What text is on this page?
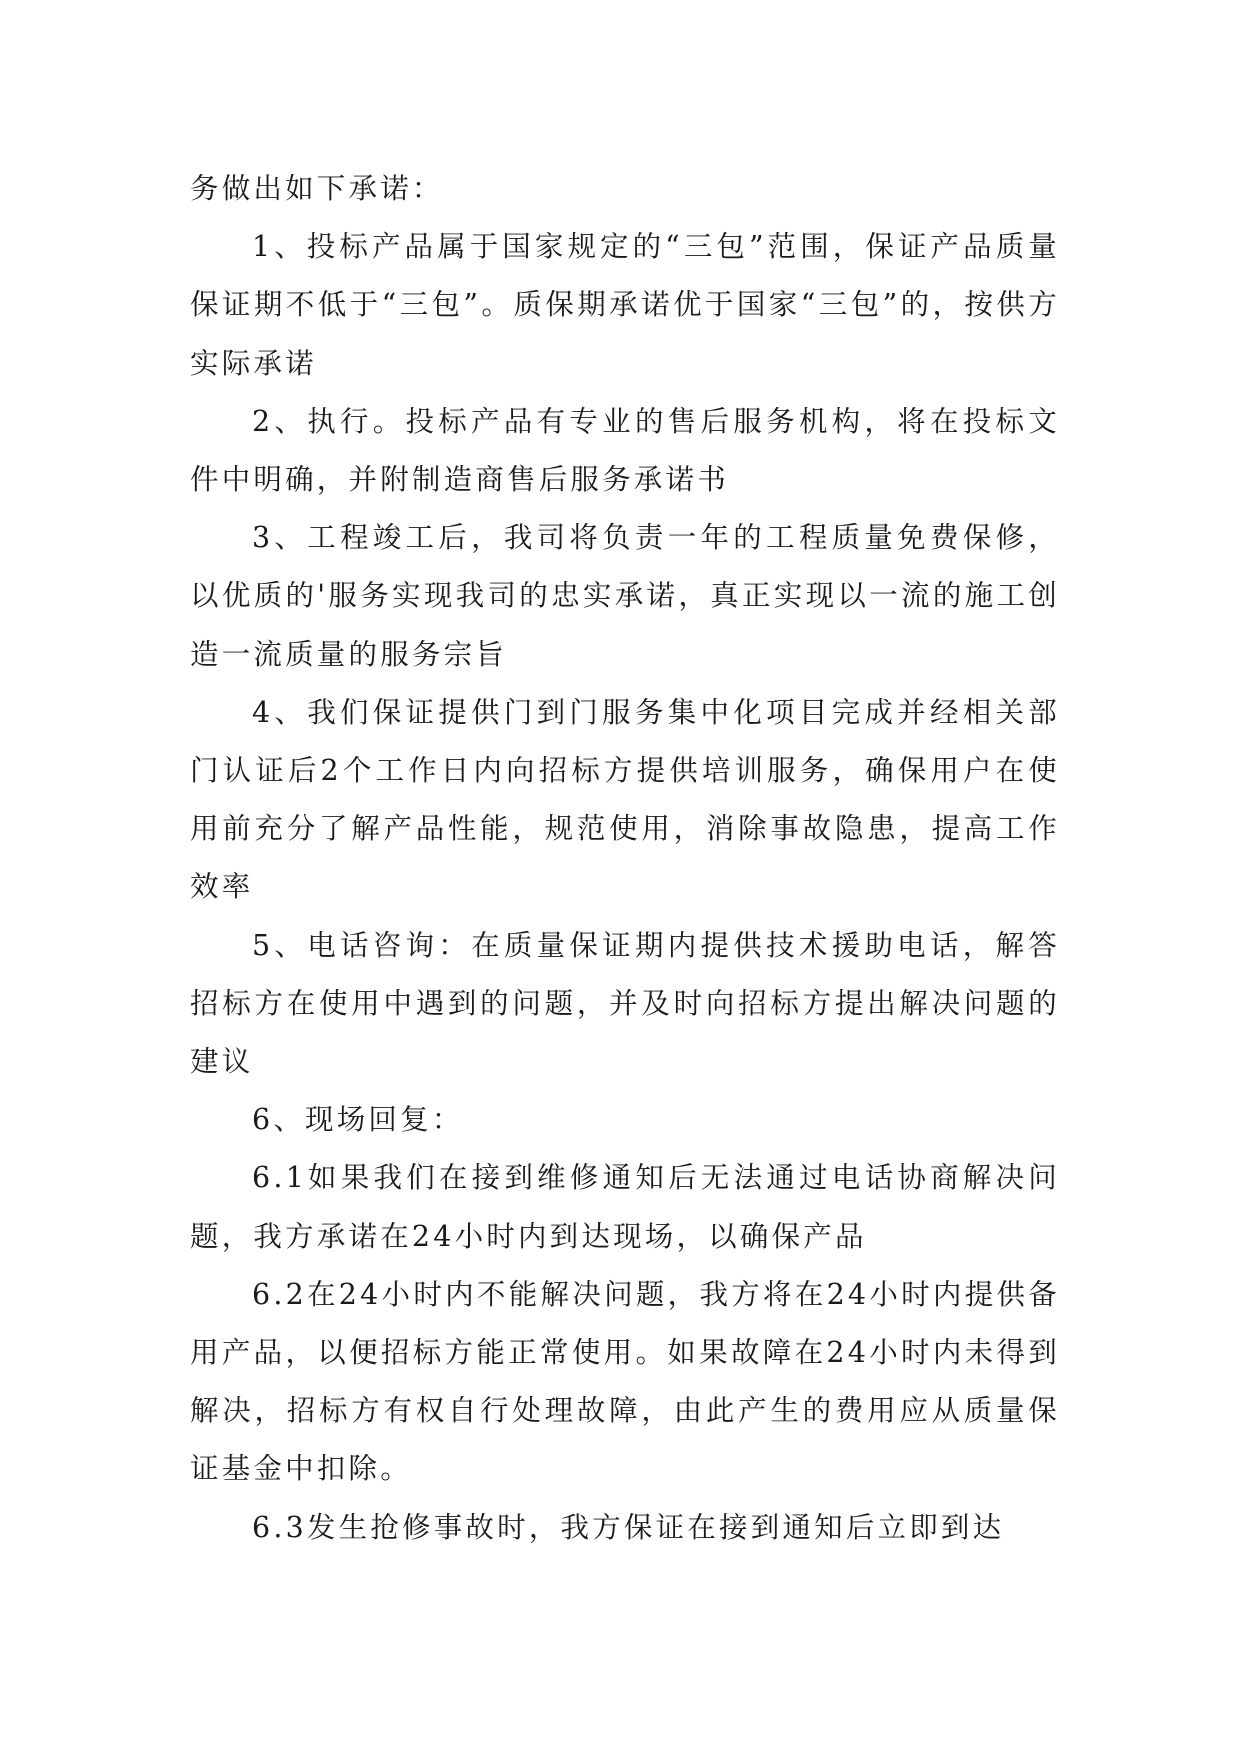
务做出如下承诺：

1、投标产品属于国家规定的“三包”范围，保证产品质量保证期不低于“三包”。质保期承诺优于国家“三包”的，按供方实际承诺

2、执行。投标产品有专业的售后服务机构，将在投标文件中明确，并附制造商售后服务承诺书

3、工程竣工后，我司将负责一年的工程质量免费保修，以优质的'服务实现我司的忠实承诺，真正实现以一流的施工创造一流质量的服务宗旨

4、我们保证提供门到门服务集中化项目完成并经相关部门认证后2个工作日内向招标方提供培训服务，确保用户在使用前充分了解产品性能，规范使用，消除事故隐患，提高工作效率

5、电话咨询：在质量保证期内提供技术援助电话，解答招标方在使用中遇到的问题，并及时向招标方提出解决问题的建议

6、现场回复：

6.1如果我们在接到维修通知后无法通过电话协商解决问题，我方承诺在24小时内到达现场，以确保产品

6.2在24小时内不能解决问题，我方将在24小时内提供备用产品，以便招标方能正常使用。如果故障在24小时内未得到解决，招标方有权自行处理故障，由此产生的费用应从质量保证基金中扣除。

6.3发生抢修事故时，我方保证在接到通知后立即到达
